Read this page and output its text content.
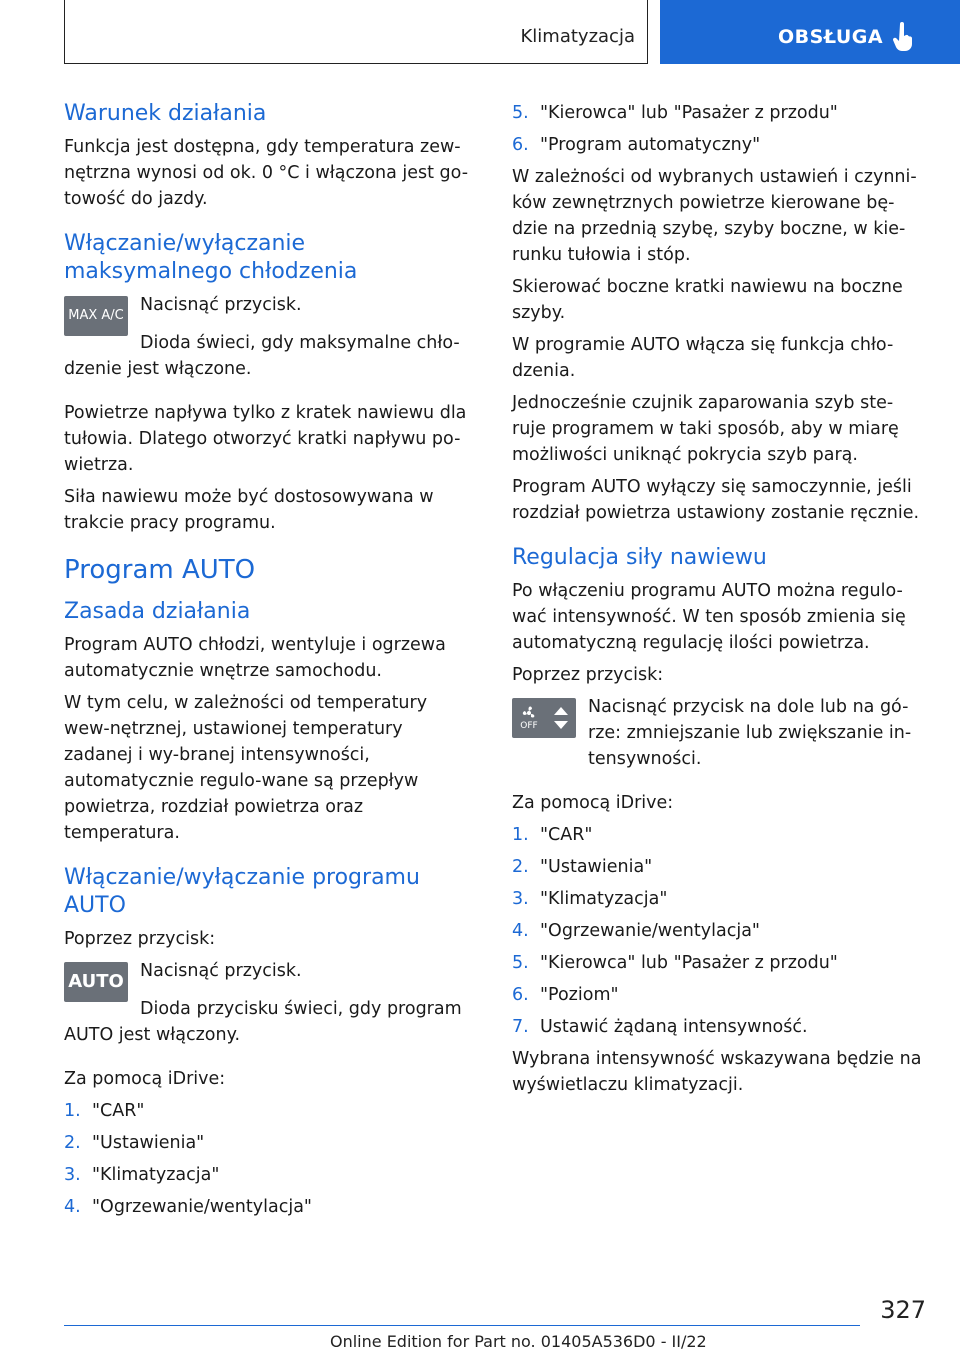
Klimatyzacja	OBSŁUGA
Warunek działania

Funkcja jest dostępna, gdy temperatura zew-nętrzna wynosi od ok. 0 °C i włączona jest go-towość do jazdy.

Włączanie/wyłączanie maksymalnego chłodzenia
MAX A/C

Nacisnąć przycisk.

Dioda świeci, gdy maksymalne chło-dzenie jest włączone.

Powietrze napływa tylko z kratek nawiewu dla tułowia. Dlatego otworzyć kratki napływu po-wietrza.

Siła nawiewu może być dostosowywana w trakcie pracy programu.

Program AUTO
Zasada działania

Program AUTO chłodzi, wentyluje i ogrzewa automatycznie wnętrze samochodu.

W tym celu, w zależności od temperatury wew-nętrznej, ustawionej temperatury zadanej i wy-branej intensywności, automatycznie regulo-wane są przepływ powietrza, rozdział powietrza oraz temperatura.

Włączanie/wyłączanie programu AUTO

Poprzez przycisk:

AUTO Nacisnąć przycisk.

Dioda przycisku świeci, gdy program AUTO jest włączony.

Za pomocą iDrive:

1. "CAR"
2. "Ustawienia"
3. "Klimatyzacja"
4. "Ogrzewanie/wentylacja"
5. "Kierowca" lub "Pasażer z przodu"
6. "Program automatyczny"

W zależności od wybranych ustawień i czynni-ków zewnętrznych powietrze kierowane bę-dzie na przednią szybę, szyby boczne, w kie-runku tułowia i stóp.

Skierować boczne kratki nawiewu na boczne szyby.

W programie AUTO włącza się funkcja chło-dzenia.

Jednocześnie czujnik zaparowania szyb ste-ruje programem w taki sposób, aby w miarę możliwości uniknąć pokrycia szyb parą.

Program AUTO wyłączy się samoczynnie, jeśli rozdział powietrza ustawiony zostanie ręcznie.

Regulacja siły nawiewu

Po włączeniu programu AUTO można regulo-wać intensywność. W ten sposób zmienia się automatyczną regulację ilości powietrza.

Poprzez przycisk:

OFF

Nacisnąć przycisk na dole lub na gó-rze: zmniejszanie lub zwiększanie in-tensywności.

Za pomocą iDrive:

1. "CAR"
2. "Ustawienia"
3. "Klimatyzacja"
4. "Ogrzewanie/wentylacja"
5. "Kierowca" lub "Pasażer z przodu"
6. "Poziom"
7. Ustawić żądaną intensywność.

Wybrana intensywność wskazywana będzie na wyświetlaczu klimatyzacji.

327
Online Edition for Part no. 01405A536D0 - II/22
